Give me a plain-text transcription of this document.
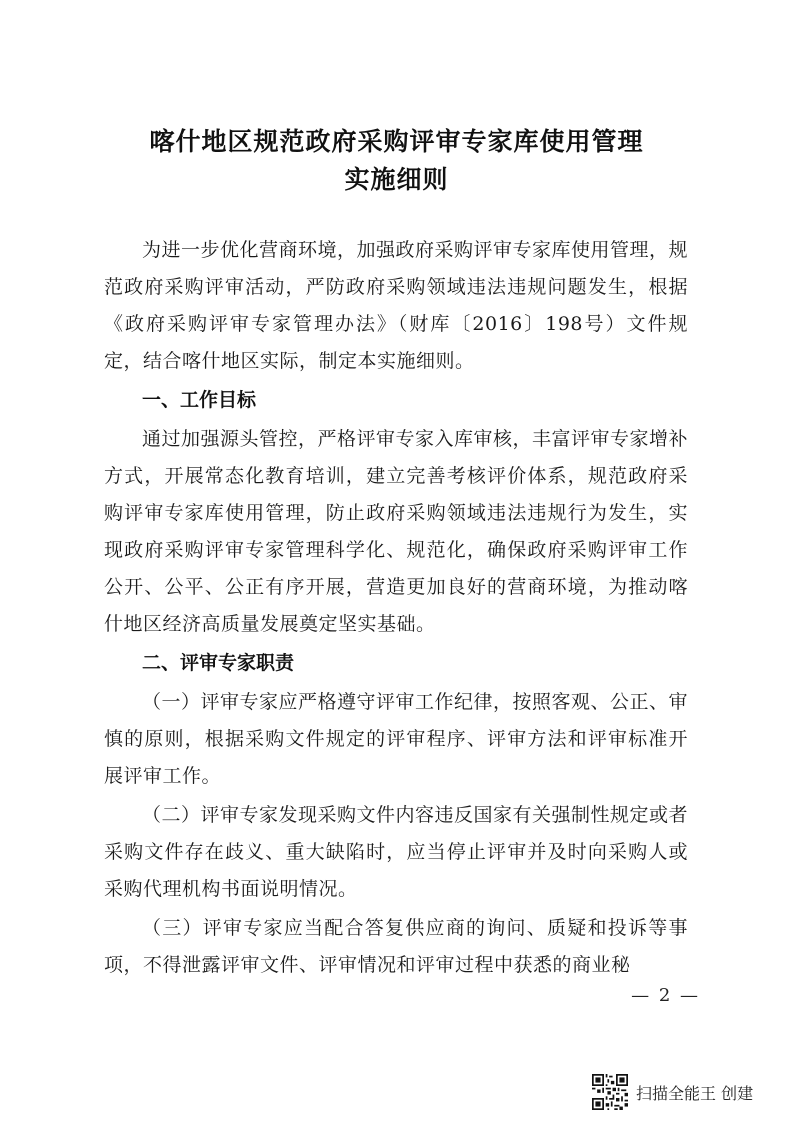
喀什地区规范政府采购评审专家库使用管理
实施细则

为进一步优化营商环境，加强政府采购评审专家库使用管理，规范政府采购评审活动，严防政府采购领域违法违规问题发生，根据《政府采购评审专家管理办法》（财库〔2016〕198号）文件规定，结合喀什地区实际，制定本实施细则。

一、工作目标

通过加强源头管控，严格评审专家入库审核，丰富评审专家增补方式，开展常态化教育培训，建立完善考核评价体系，规范政府采购评审专家库使用管理，防止政府采购领域违法违规行为发生，实现政府采购评审专家管理科学化、规范化，确保政府采购评审工作公开、公平、公正有序开展，营造更加良好的营商环境，为推动喀什地区经济高质量发展奠定坚实基础。

二、评审专家职责

（一）评审专家应严格遵守评审工作纪律，按照客观、公正、审慎的原则，根据采购文件规定的评审程序、评审方法和评审标准开展评审工作。

（二）评审专家发现采购文件内容违反国家有关强制性规定或者采购文件存在歧义、重大缺陷时，应当停止评审并及时向采购人或采购代理机构书面说明情况。

（三）评审专家应当配合答复供应商的询问、质疑和投诉等事项，不得泄露评审文件、评审情况和评审过程中获悉的商业秘

— 2 —
扫描全能王 创建
